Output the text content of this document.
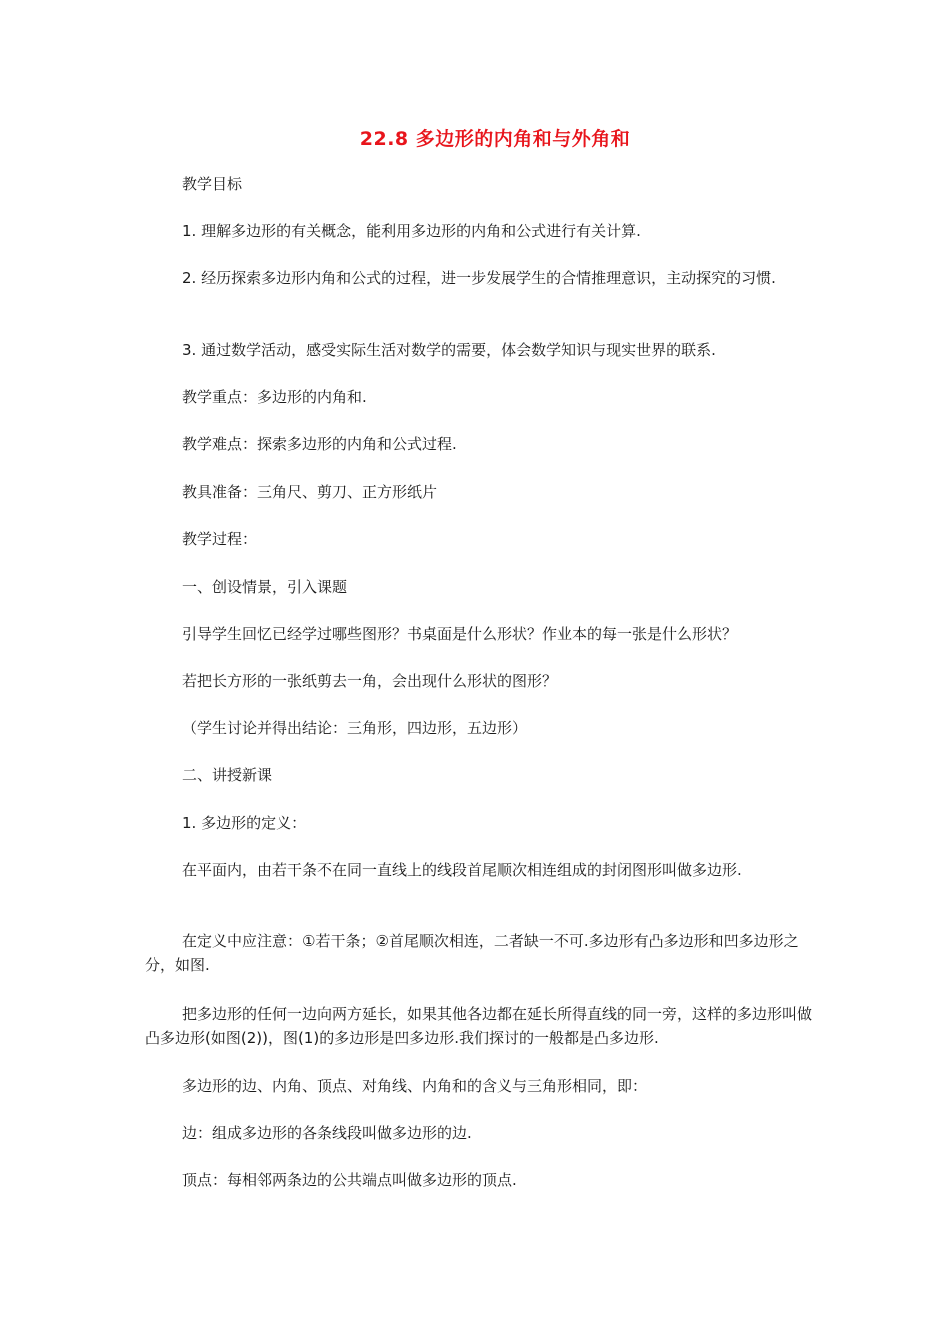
22.8 多边形的内角和与外角和
教学目标
1. 理解多边形的有关概念，能利用多边形的内角和公式进行有关计算.
2. 经历探索多边形内角和公式的过程，进一步发展学生的合情推理意识，主动探究的习惯.
3. 通过数学活动，感受实际生活对数学的需要，体会数学知识与现实世界的联系.
教学重点：多边形的内角和.
教学难点：探索多边形的内角和公式过程.
教具准备：三角尺、剪刀、正方形纸片
教学过程：
一、创设情景，引入课题
引导学生回忆已经学过哪些图形？书桌面是什么形状？作业本的每一张是什么形状？
若把长方形的一张纸剪去一角，会出现什么形状的图形？
（学生讨论并得出结论：三角形，四边形，五边形）
二、讲授新课
1. 多边形的定义：
在平面内，由若干条不在同一直线上的线段首尾顺次相连组成的封闭图形叫做多边形.
在定义中应注意：①若干条；②首尾顺次相连，二者缺一不可.多边形有凸多边形和凹多边形之分，如图.
把多边形的任何一边向两方延长，如果其他各边都在延长所得直线的同一旁，这样的多边形叫做凸多边形(如图(2))，图(1)的多边形是凹多边形.我们探讨的一般都是凸多边形.
多边形的边、内角、顶点、对角线、内角和的含义与三角形相同，即：
边：组成多边形的各条线段叫做多边形的边.
顶点：每相邻两条边的公共端点叫做多边形的顶点.
